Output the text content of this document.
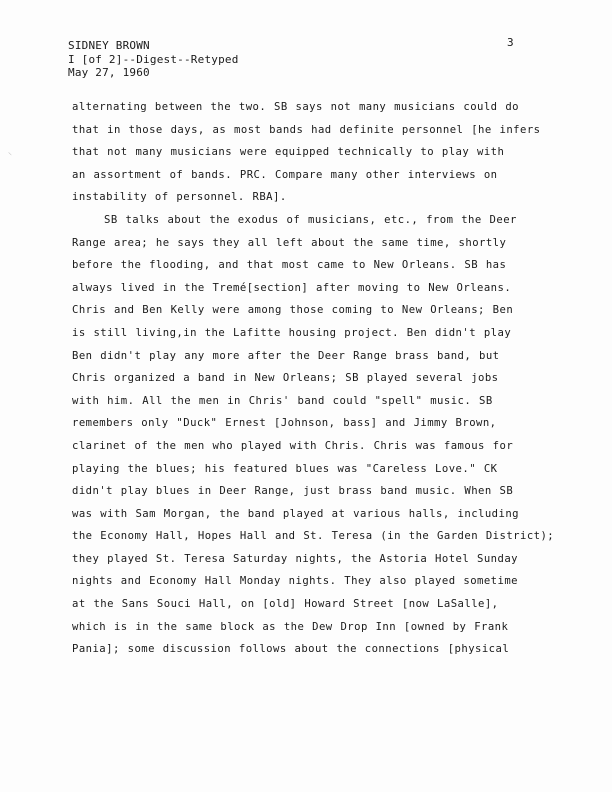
SIDNEY BROWN
I [of 2]--Digest--Retyped
May 27, 1960
3
⸌
alternating between the two. SB says not many musicians could do
that in those days, as most bands had definite personnel [he infers
that not many musicians were equipped technically to play with
an assortment of bands. PRC. Compare many other interviews on
instability of personnel. RBA].
SB talks about the exodus of musicians, etc., from the Deer
Range area; he says they all left about the same time, shortly
before the flooding, and that most came to New Orleans. SB has
always lived in the Tremé[section] after moving to New Orleans.
Chris and Ben Kelly were among those coming to New Orleans; Ben
is still living,in the Lafitte housing project. Ben didn't play
Ben didn't play any more after the Deer Range brass band, but
Chris organized a band in New Orleans; SB played several jobs
with him. All the men in Chris' band could "spell" music. SB
remembers only "Duck" Ernest [Johnson, bass] and Jimmy Brown,
clarinet of the men who played with Chris. Chris was famous for
playing the blues; his featured blues was "Careless Love." CK
didn't play blues in Deer Range, just brass band music. When SB
was with Sam Morgan, the band played at various halls, including
the Economy Hall, Hopes Hall and St. Teresa (in the Garden District);
they played St. Teresa Saturday nights, the Astoria Hotel Sunday
nights and Economy Hall Monday nights. They also played sometime
at the Sans Souci Hall, on [old] Howard Street [now LaSalle],
which is in the same block as the Dew Drop Inn [owned by Frank
Pania]; some discussion follows about the connections [physical
